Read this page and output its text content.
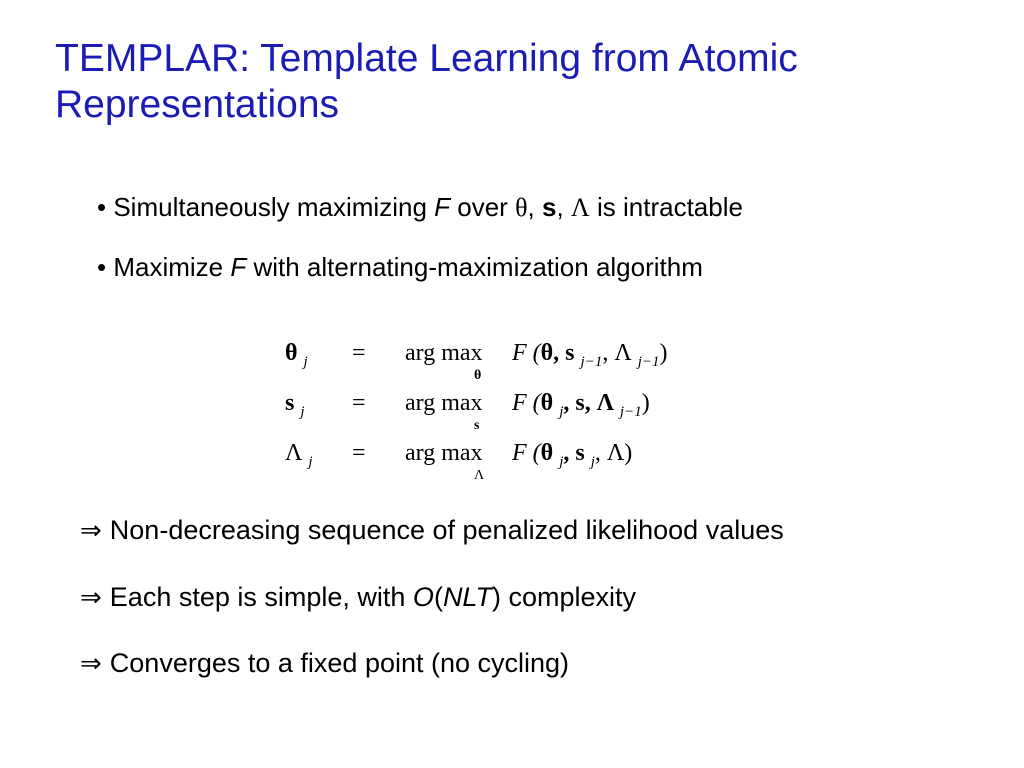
TEMPLAR: Template Learning from Atomic Representations
• Simultaneously maximizing F over θ, s, Λ is intractable
• Maximize F with alternating-maximization algorithm
θ $_j$ = arg max
θ
F (θ, s $_{j-1}$, Λ $_{j-1}$)
s $_j$ = arg max
s
F (θ $_j$, s, Λ $_{j-1}$)
Λ $_j$ = arg max
Λ
F (θ $_j$, s $_j$, Λ)
⇒ Non-decreasing sequence of penalized likelihood values
⇒ Each step is simple, with O(NLT) complexity
⇒ Converges to a fixed point (no cycling)
